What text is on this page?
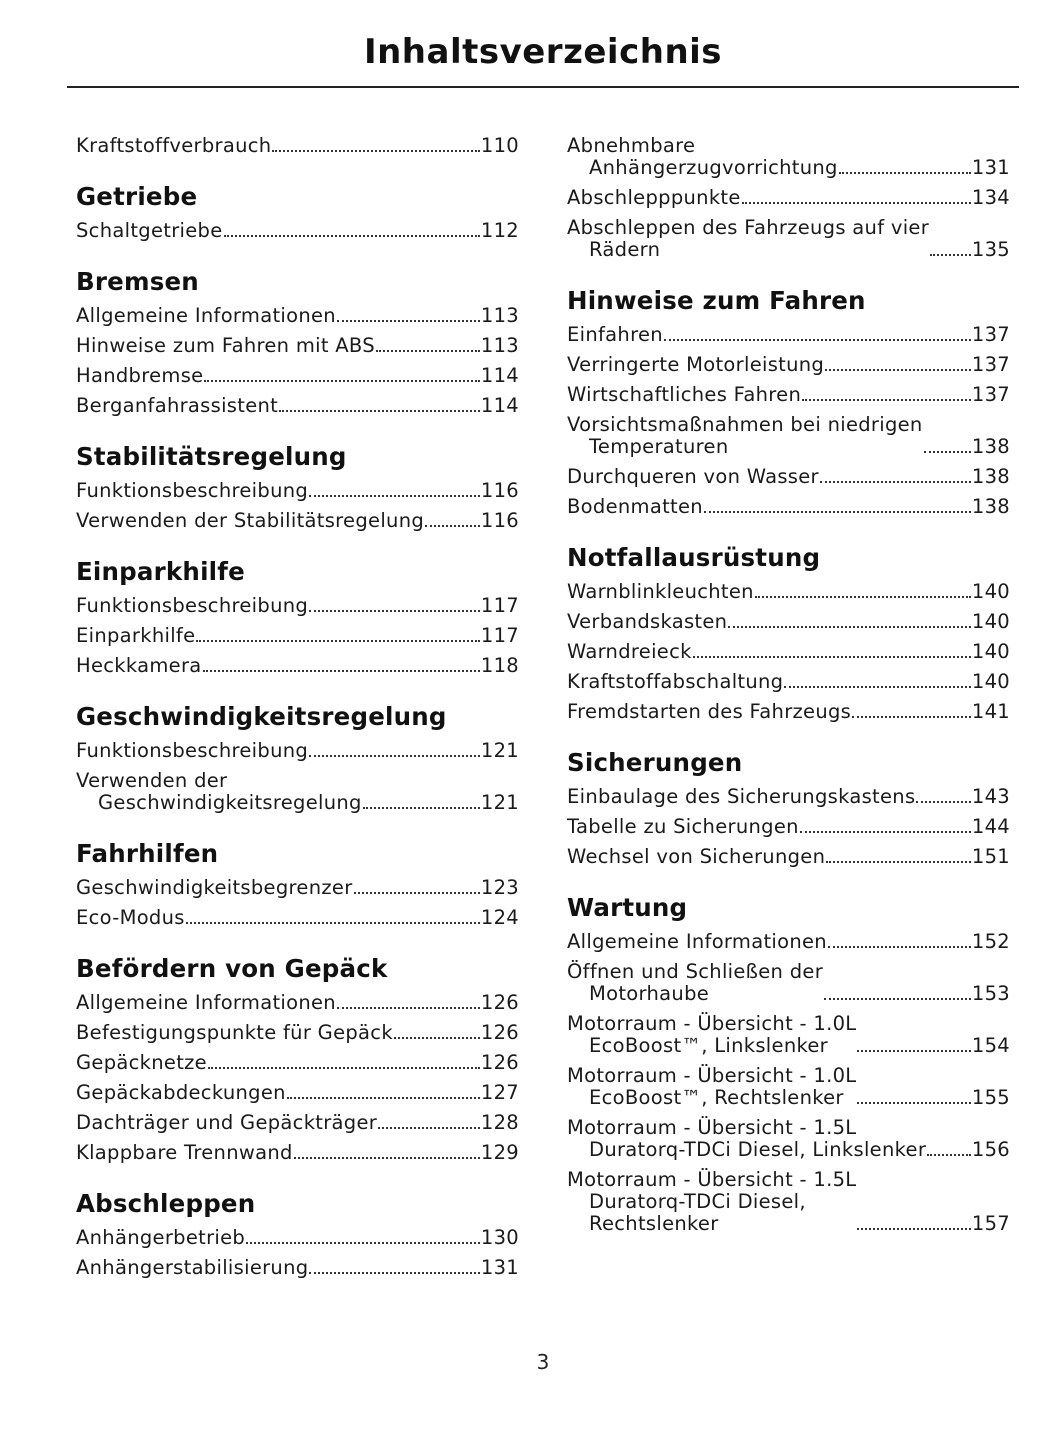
Inhaltsverzeichnis
Kraftstoffverbrauch	110
Getriebe
Schaltgetriebe	112
Bremsen
Allgemeine Informationen	113
Hinweise zum Fahren mit ABS	113
Handbremse	114
Berganfahrassistent	114
Stabilitätsregelung
Funktionsbeschreibung	116
Verwenden der Stabilitätsregelung	116
Einparkhilfe
Funktionsbeschreibung	117
Einparkhilfe	117
Heckkamera	118
Geschwindigkeitsregelung
Funktionsbeschreibung	121
Verwenden der
Geschwindigkeitsregelung	121
Fahrhilfen
Geschwindigkeitsbegrenzer	123
Eco-Modus	124
Befördern von Gepäck
Allgemeine Informationen	126
Befestigungspunkte für Gepäck	126
Gepäcknetze	126
Gepäckabdeckungen	127
Dachträger und Gepäckträger	128
Klappbare Trennwand	129
Abschleppen
Anhängerbetrieb	130
Anhängerstabilisierung	131
Abnehmbare
Anhängerzugvorrichtung	131
Abschlepppunkte	134
Abschleppen des Fahrzeugs auf vier
Rädern	135
Hinweise zum Fahren
Einfahren	137
Verringerte Motorleistung	137
Wirtschaftliches Fahren	137
Vorsichtsmaßnahmen bei niedrigen
Temperaturen	138
Durchqueren von Wasser	138
Bodenmatten	138
Notfallausrüstung
Warnblinkleuchten	140
Verbandskasten	140
Warndreieck	140
Kraftstoffabschaltung	140
Fremdstarten des Fahrzeugs	141
Sicherungen
Einbaulage des Sicherungskastens	143
Tabelle zu Sicherungen	144
Wechsel von Sicherungen	151
Wartung
Allgemeine Informationen	152
Öffnen und Schließen der
Motorhaube	153
Motorraum - Übersicht - 1.0L
EcoBoost™, Linkslenker	154
Motorraum - Übersicht - 1.0L
EcoBoost™, Rechtslenker	155
Motorraum - Übersicht - 1.5L
Duratorq-TDCi Diesel, Linkslenker 156
Motorraum - Übersicht - 1.5L
Duratorq-TDCi Diesel,
Rechtslenker	157
3
